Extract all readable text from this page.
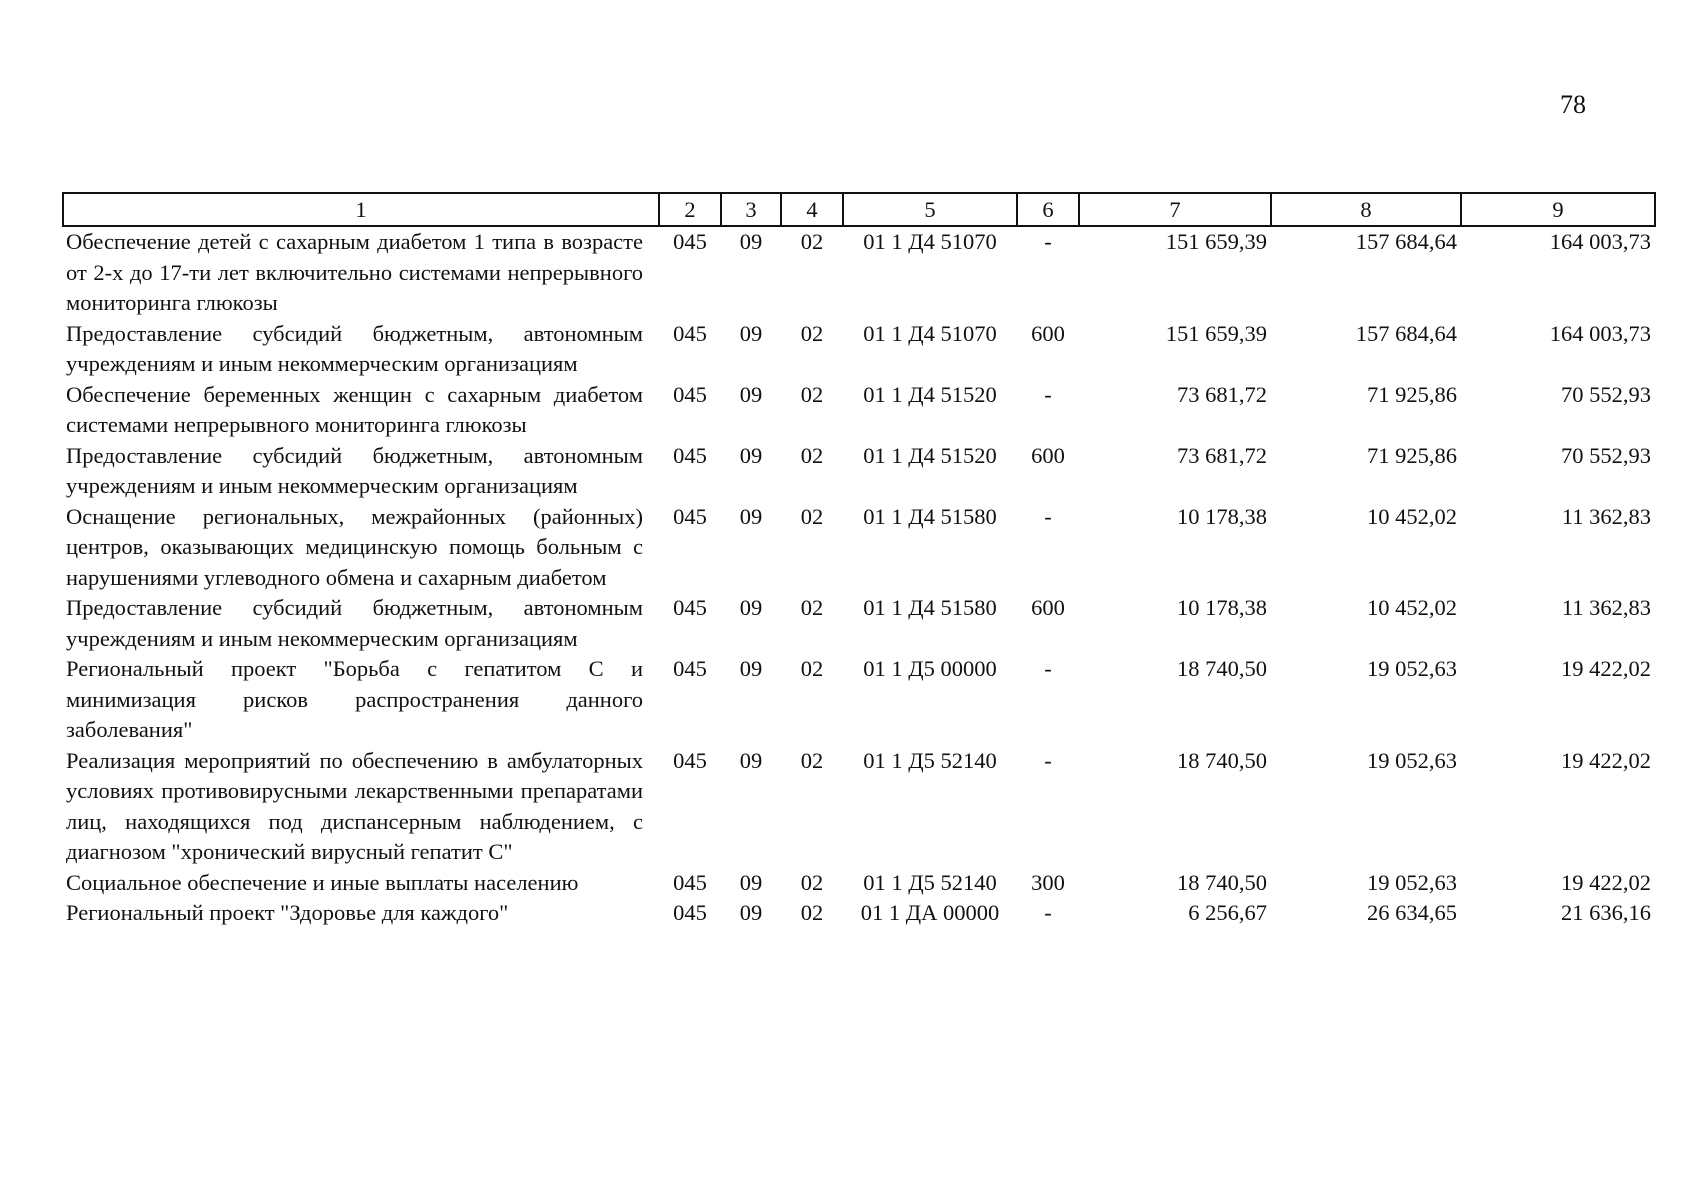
78
1	2	3	4	5	6	7	8	9
Обеспечение детей с сахарным диабетом 1 типа в возрасте от 2-х до 17-ти лет включительно системами непрерывного мониторинга глюкозы	045	09	02	01 1 Д4 51070	-	151 659,39	157 684,64	164 003,73
Предоставление субсидий бюджетным, автономным учреждениям и иным некоммерческим организациям	045	09	02	01 1 Д4 51070	600	151 659,39	157 684,64	164 003,73
Обеспечение беременных женщин с сахарным диабетом системами непрерывного мониторинга глюкозы	045	09	02	01 1 Д4 51520	-	73 681,72	71 925,86	70 552,93
Предоставление субсидий бюджетным, автономным учреждениям и иным некоммерческим организациям	045	09	02	01 1 Д4 51520	600	73 681,72	71 925,86	70 552,93
Оснащение региональных, межрайонных (районных) центров, оказывающих медицинскую помощь больным с нарушениями углеводного обмена и сахарным диабетом	045	09	02	01 1 Д4 51580	-	10 178,38	10 452,02	11 362,83
Предоставление субсидий бюджетным, автономным учреждениям и иным некоммерческим организациям	045	09	02	01 1 Д4 51580	600	10 178,38	10 452,02	11 362,83
Региональный проект "Борьба с гепатитом С и минимизация рисков распространения данного заболевания"	045	09	02	01 1 Д5 00000	-	18 740,50	19 052,63	19 422,02
Реализация мероприятий по обеспечению в амбулаторных условиях противовирусными лекарственными препаратами лиц, находящихся под диспансерным наблюдением, с диагнозом "хронический вирусный гепатит С"	045	09	02	01 1 Д5 52140	-	18 740,50	19 052,63	19 422,02
Социальное обеспечение и иные выплаты населению	045	09	02	01 1 Д5 52140	300	18 740,50	19 052,63	19 422,02
Региональный проект "Здоровье для каждого"	045	09	02	01 1 ДА 00000	-	6 256,67	26 634,65	21 636,16
